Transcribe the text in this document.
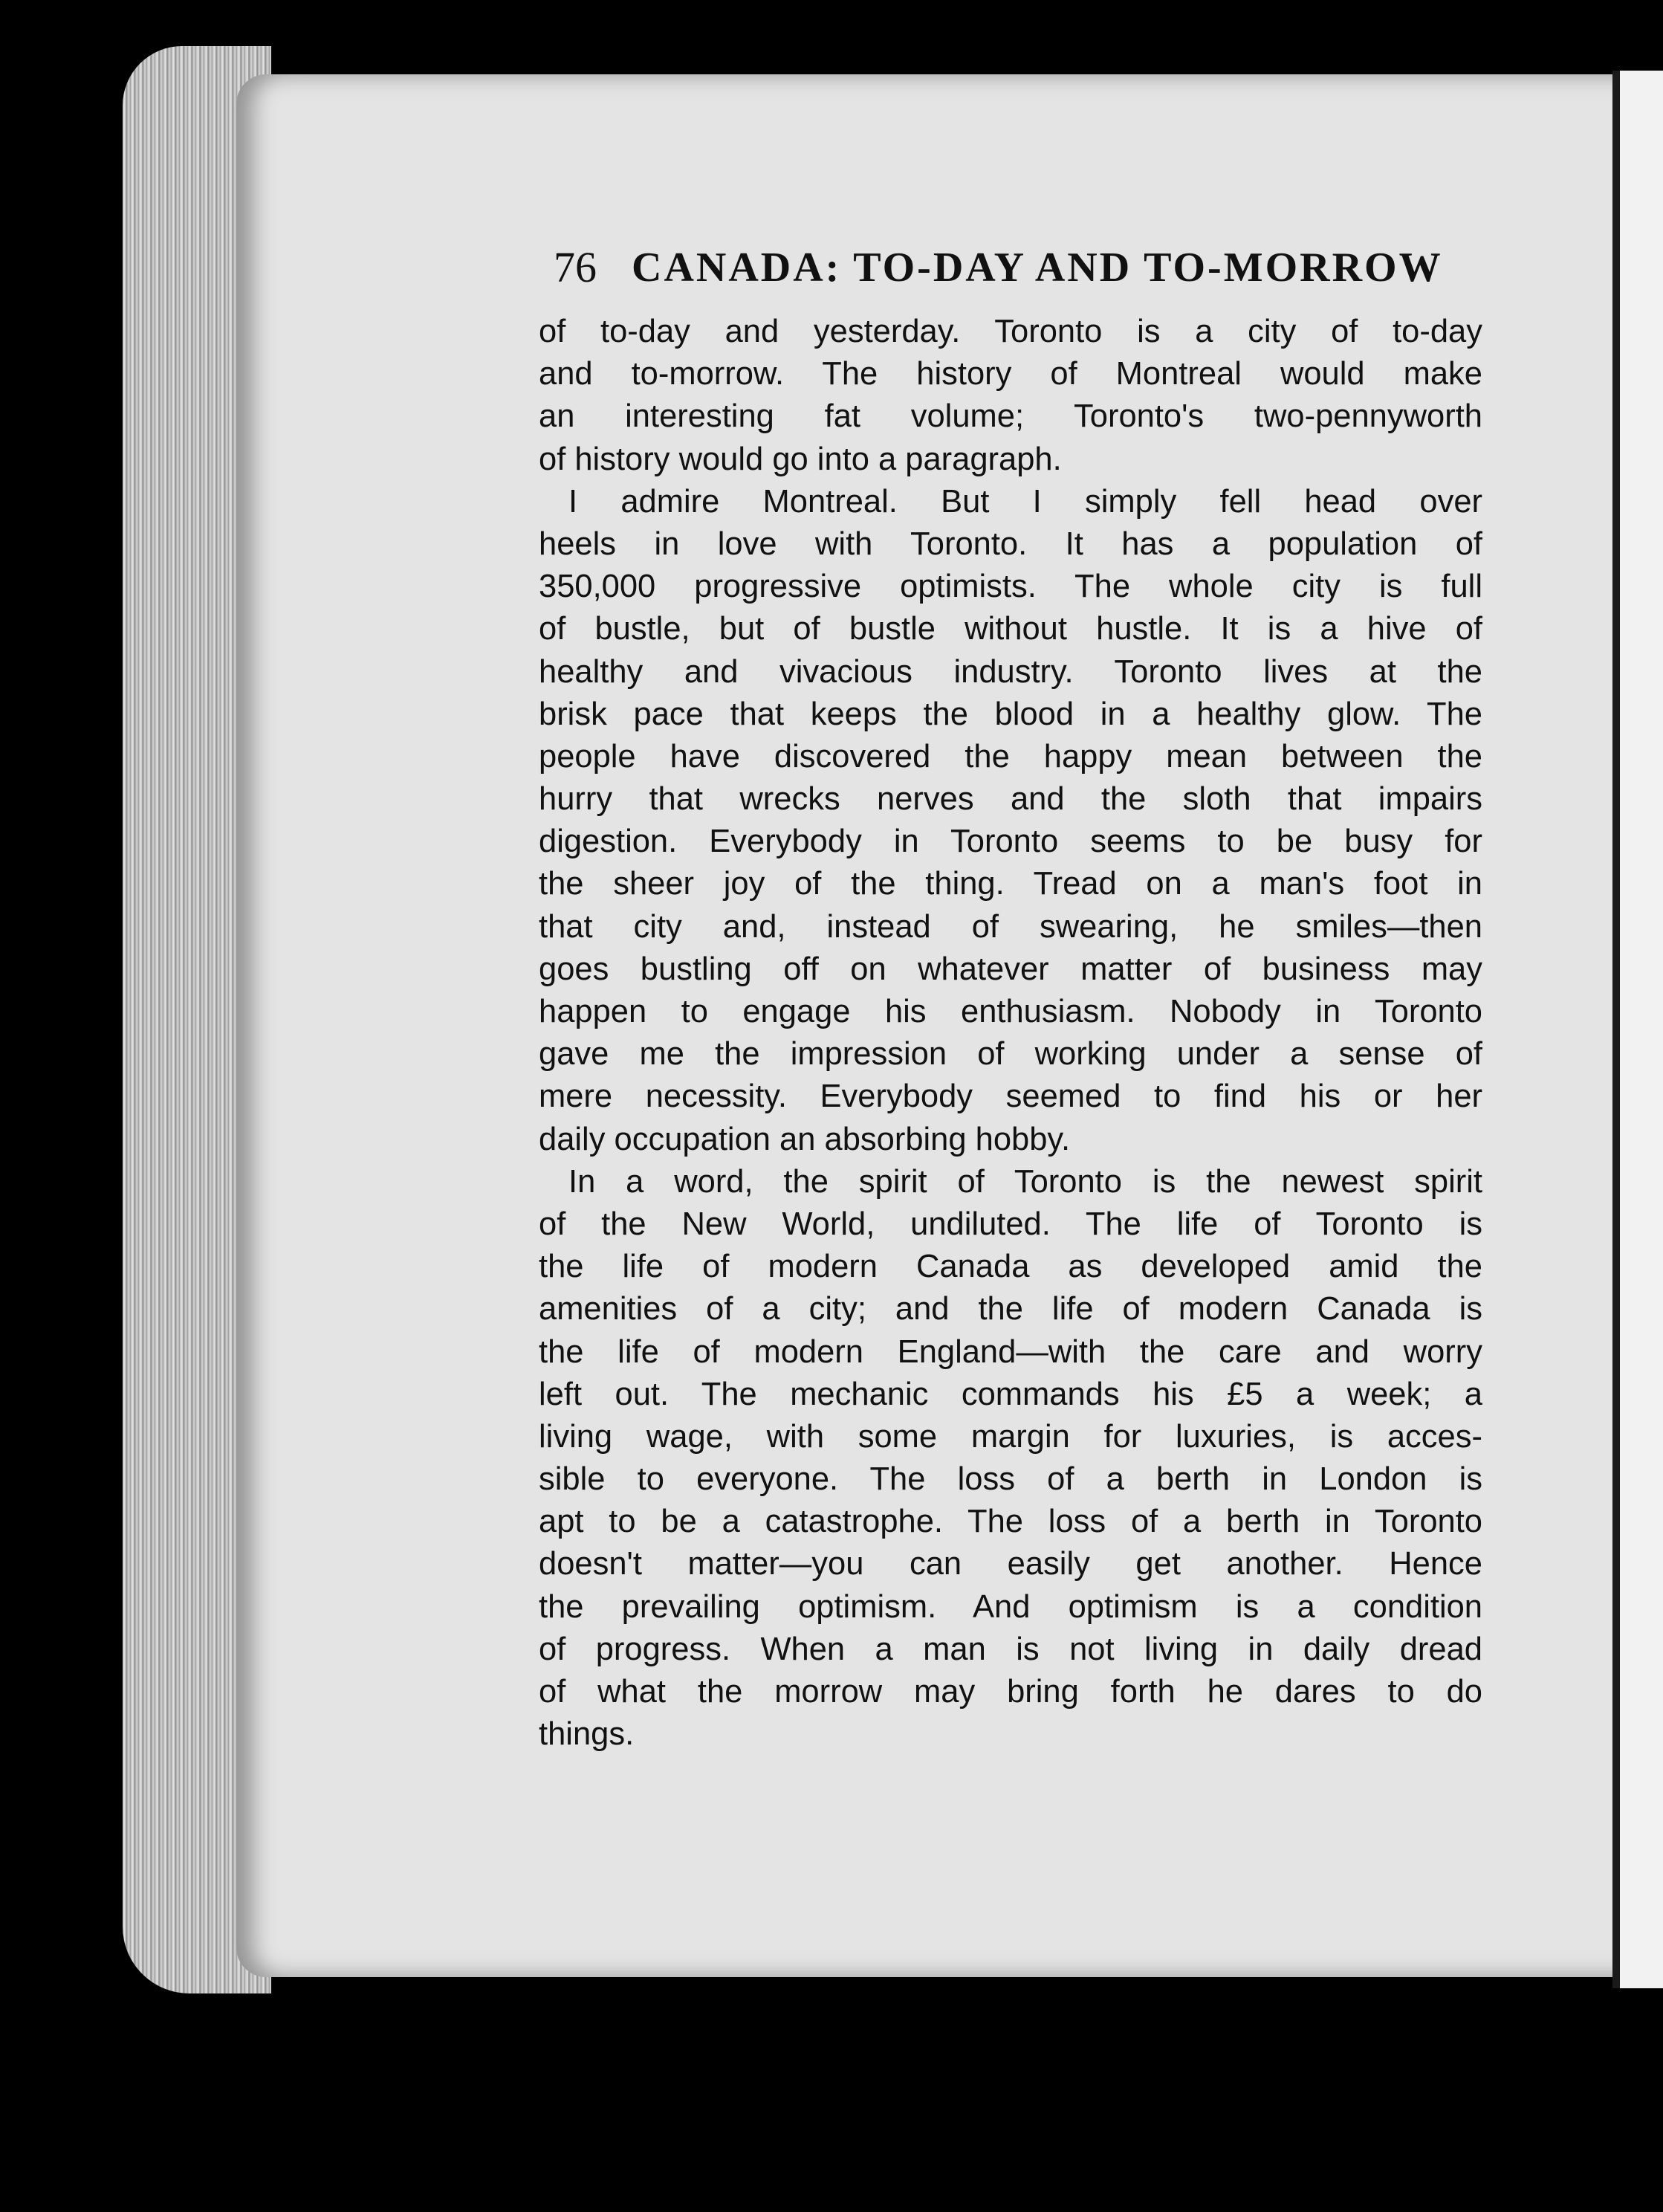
76 CANADA: TO-DAY AND TO-MORROW
of to-day and yesterday. Toronto is a city of to-day
and to-morrow. The history of Montreal would make
an interesting fat volume; Toronto's two-pennyworth
of history would go into a paragraph.
I admire Montreal. But I simply fell head over
heels in love with Toronto. It has a population of
350,000 progressive optimists. The whole city is full
of bustle, but of bustle without hustle. It is a hive of
healthy and vivacious industry. Toronto lives at the
brisk pace that keeps the blood in a healthy glow. The
people have discovered the happy mean between the
hurry that wrecks nerves and the sloth that impairs
digestion. Everybody in Toronto seems to be busy for
the sheer joy of the thing. Tread on a man's foot in
that city and, instead of swearing, he smiles—then
goes bustling off on whatever matter of business may
happen to engage his enthusiasm. Nobody in Toronto
gave me the impression of working under a sense of
mere necessity. Everybody seemed to find his or her
daily occupation an absorbing hobby.
In a word, the spirit of Toronto is the newest spirit
of the New World, undiluted. The life of Toronto is
the life of modern Canada as developed amid the
amenities of a city; and the life of modern Canada is
the life of modern England—with the care and worry
left out. The mechanic commands his £5 a week; a
living wage, with some margin for luxuries, is acces-
sible to everyone. The loss of a berth in London is
apt to be a catastrophe. The loss of a berth in Toronto
doesn't matter—you can easily get another. Hence
the prevailing optimism. And optimism is a condition
of progress. When a man is not living in daily dread
of what the morrow may bring forth he dares to do
things.
